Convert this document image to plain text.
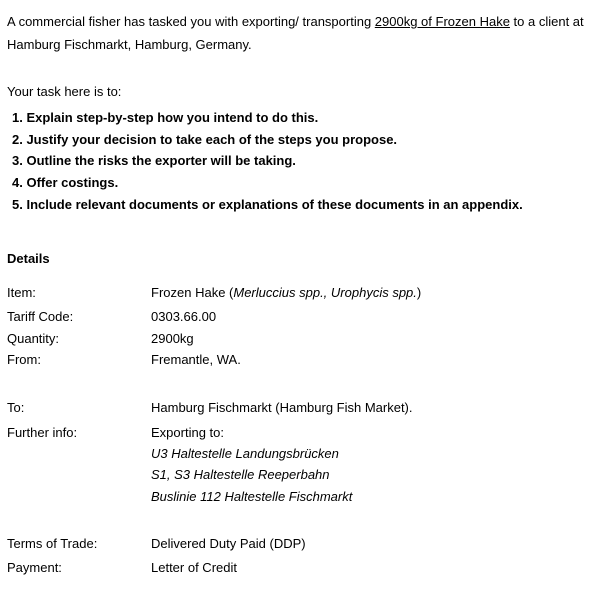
A commercial fisher has tasked you with exporting/ transporting 2900kg of Frozen Hake to a client at
Hamburg Fischmarkt, Hamburg, Germany.
Your task here is to:
1. Explain step-by-step how you intend to do this.
2. Justify your decision to take each of the steps you propose.
3. Outline the risks the exporter will be taking.
4. Offer costings.
5. Include relevant documents or explanations of these documents in an appendix.
Details
Item:	Frozen Hake (Merluccius spp., Urophycis spp.)
Tariff Code:	0303.66.00
Quantity:	2900kg
From:	Fremantle, WA.
To:	Hamburg Fischmarkt (Hamburg Fish Market).
Further info:	Exporting to:
U3 Haltestelle Landungsbrücken
S1, S3 Haltestelle Reeperbahn
Buslinie 112 Haltestelle Fischmarkt
Terms of Trade:	Delivered Duty Paid (DDP)
Payment:	Letter of Credit
